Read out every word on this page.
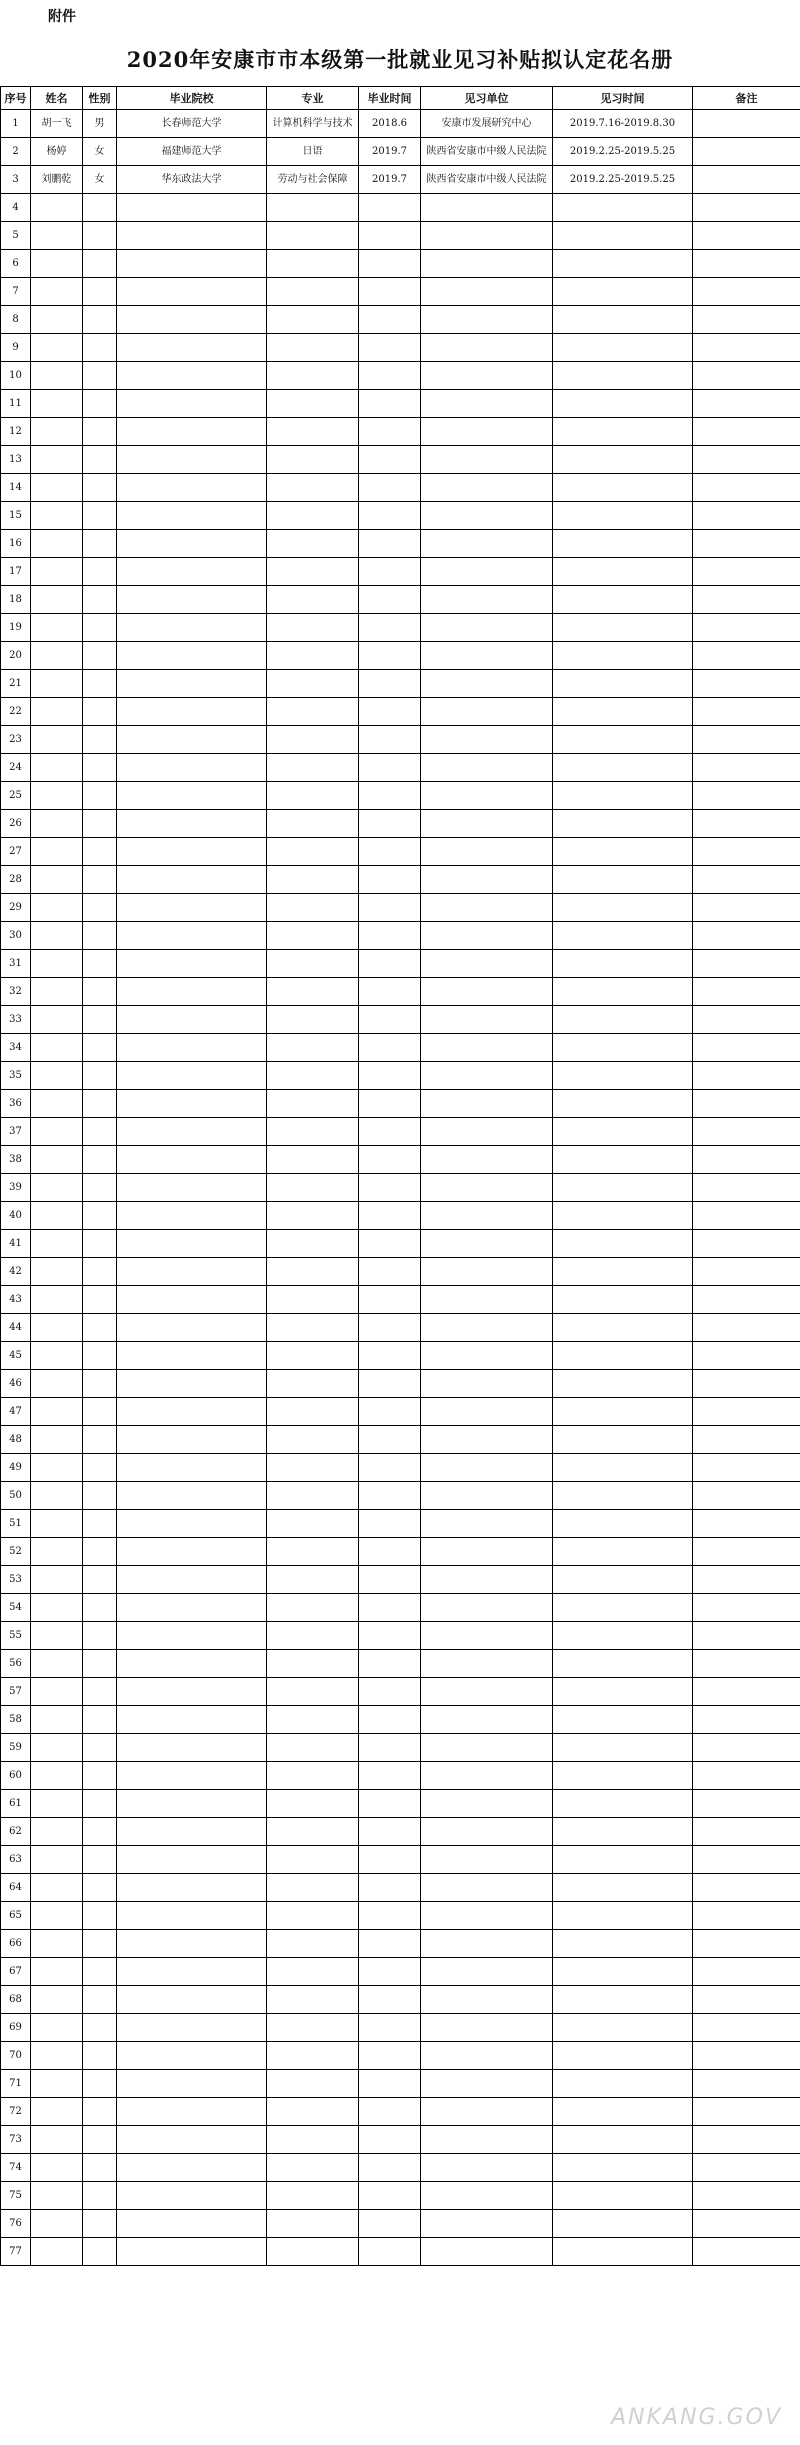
附件
2020年安康市市本级第一批就业见习补贴拟认定花名册
序号	姓名	性别	毕业院校	专业	毕业时间	见习单位	见习时间	备注
1	胡一飞	男	长春师范大学	计算机科学与技术	2018.6	安康市发展研究中心	2019.7.16-2019.8.30	
2	杨婷	女	福建师范大学	日语	2019.7	陕西省安康市中级人民法院	2019.2.25-2019.5.25	
3	刘鹏乾	女	华东政法大学	劳动与社会保障	2019.7	陕西省安康市中级人民法院	2019.2.25-2019.5.25	
4								
5								
6								
7								
8								
9								
10								
11								
12								
13								
14								
15								
16								
17								
18								
19								
20								
21								
22								
23								
24								
25								
26								
27								
28								
29								
30								
31								
32								
33								
34								
35								
36								
37								
38								
39								
40								
41								
42								
43								
44								
45								
46								
47								
48								
49								
50								
51								
52								
53								
54								
55								
56								
57								
58								
59								
60								
61								
62								
63								
64								
65								
66								
67								
68								
69								
70								
71								
72								
73								
74								
75								
76								
77								
ANKANG.GOV
